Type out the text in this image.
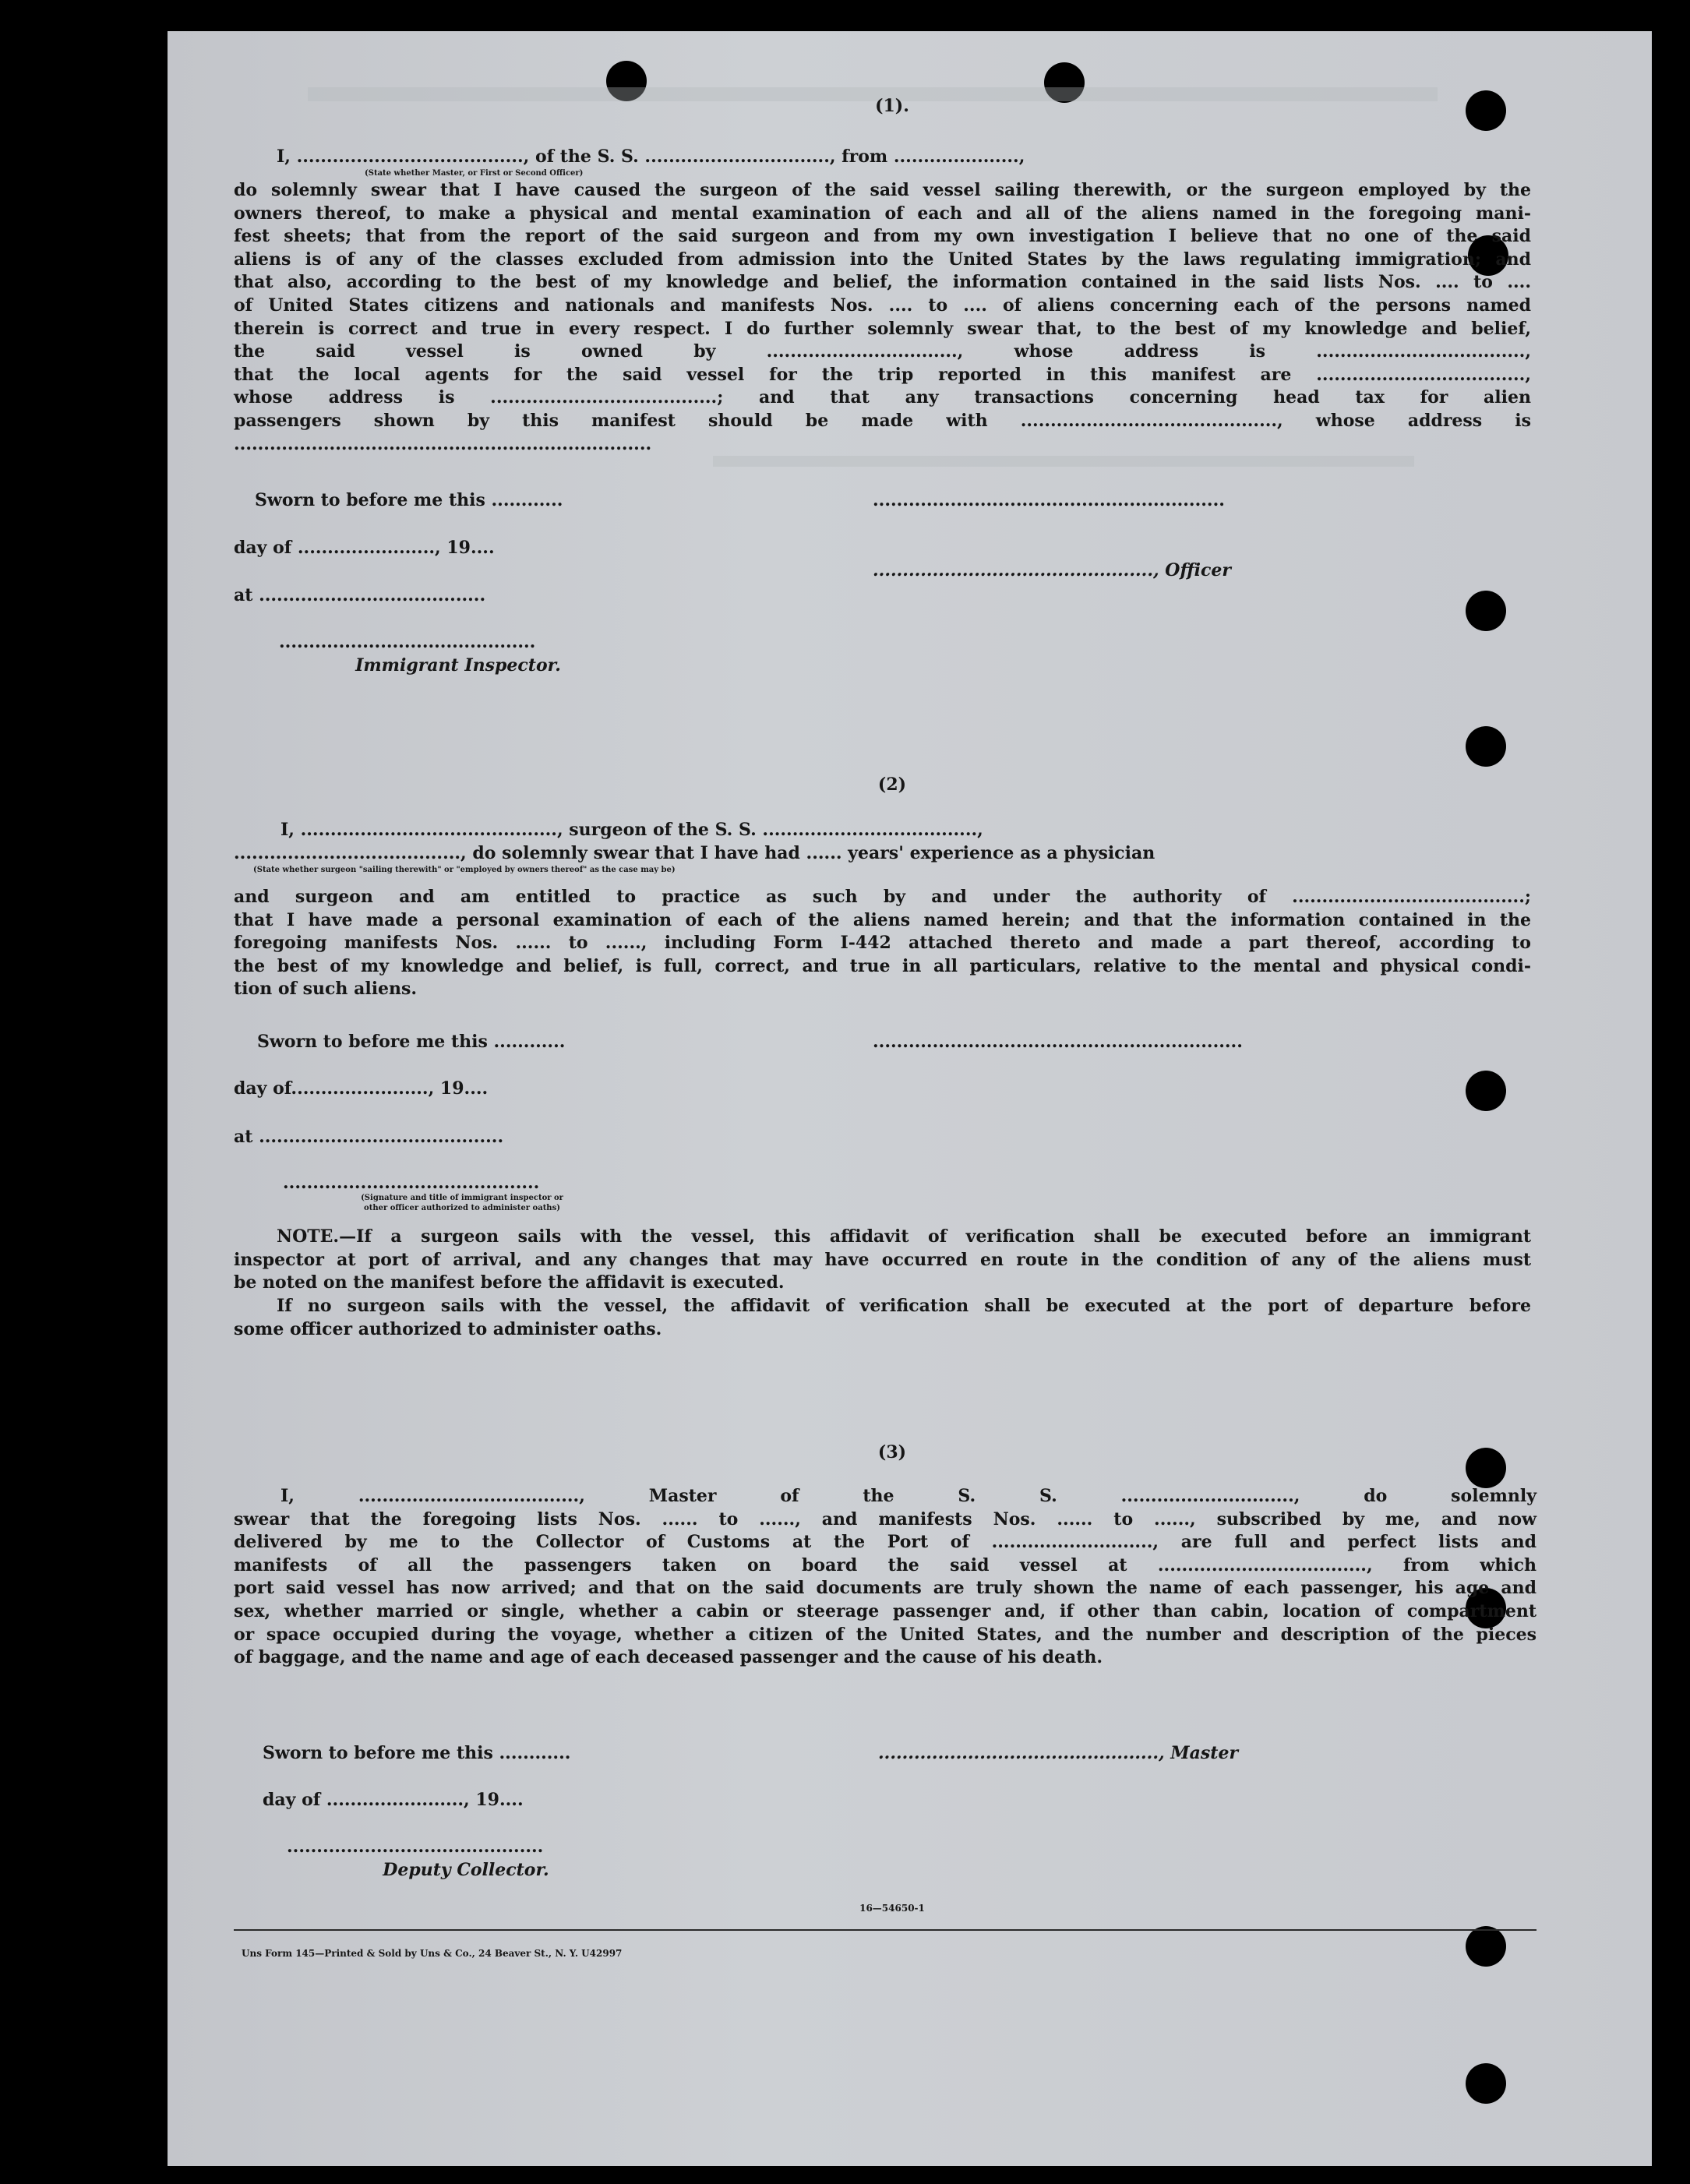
(1).
I, ......................................, of the S. S. ..............................., from .....................,
(State whether Master, or First or Second Officer)
do solemnly swear that I have caused the surgeon of the said vessel sailing therewith, or the surgeon employed by the
owners thereof, to make a physical and mental examination of each and all of the aliens named in the foregoing mani-
fest sheets; that from the report of the said surgeon and from my own investigation I believe that no one of the said
aliens is of any of the classes excluded from admission into the United States by the laws regulating immigration; and
that also, according to the best of my knowledge and belief, the information contained in the said lists Nos. .... to ....
of United States citizens and nationals and manifests Nos. .... to .... of aliens concerning each of the persons named
therein is correct and true in every respect. I do further solemnly swear that, to the best of my knowledge and belief,
the said vessel is owned by ................................, whose address is ...................................,
that the local agents for the said vessel for the trip reported in this manifest are ...................................,
whose address is ......................................; and that any transactions concerning head tax for alien
passengers shown by this manifest should be made with ..........................................., whose address is
......................................................................
Sworn to before me this ............	...........................................................
day of ......................., 19....
..............................................., Officer
at ......................................
...........................................
Immigrant Inspector.
(2)
I, ..........................................., surgeon of the S. S. ....................................,
......................................, do solemnly swear that I have had ...... years' experience as a physician
(State whether surgeon "sailing therewith" or "employed by owners thereof" as the case may be)
and surgeon and am entitled to practice as such by and under the authority of .......................................;
that I have made a personal examination of each of the aliens named herein; and that the information contained in the
foregoing manifests Nos. ...... to ......, including Form I-442 attached thereto and made a part thereof, according to
the best of my knowledge and belief, is full, correct, and true in all particulars, relative to the mental and physical condi-
tion of such aliens.
Sworn to before me this ............	..............................................................
day of......................., 19....
at .........................................
...........................................
(Signature and title of immigrant inspector or
other officer authorized to administer oaths)
NOTE.—If a surgeon sails with the vessel, this affidavit of verification shall be executed before an immigrant
inspector at port of arrival, and any changes that may have occurred en route in the condition of any of the aliens must
be noted on the manifest before the affidavit is executed.
If no surgeon sails with the vessel, the affidavit of verification shall be executed at the port of departure before
some officer authorized to administer oaths.
(3)
I, ....................................., Master of the S. S. ............................., do solemnly
swear that the foregoing lists Nos. ...... to ......, and manifests Nos. ...... to ......, subscribed by me, and now
delivered by me to the Collector of Customs at the Port of ..........................., are full and perfect lists and
manifests of all the passengers taken on board the said vessel at ..................................., from which
port said vessel has now arrived; and that on the said documents are truly shown the name of each passenger, his age and
sex, whether married or single, whether a cabin or steerage passenger and, if other than cabin, location of compartment
or space occupied during the voyage, whether a citizen of the United States, and the number and description of the pieces
of baggage, and the name and age of each deceased passenger and the cause of his death.
Sworn to before me this ............	..............................................., Master
day of ......................., 19....
...........................................
Deputy Collector.
16—54650-1
Uns Form 145—Printed & Sold by Uns & Co., 24 Beaver St., N. Y. U42997
